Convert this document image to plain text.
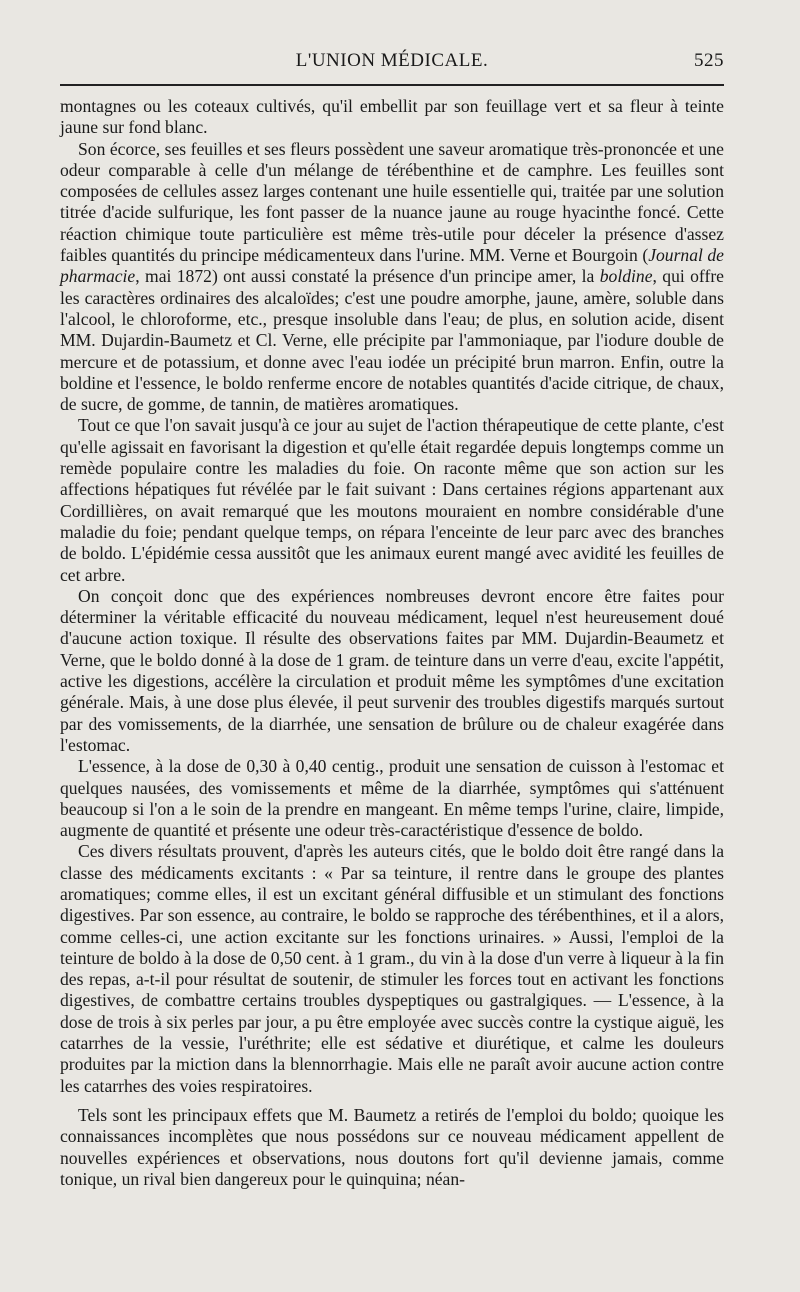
L'UNION MÉDICALE.	525

montagnes ou les coteaux cultivés, qu'il embellit par son feuillage vert et sa fleur à teinte jaune sur fond blanc.

Son écorce, ses feuilles et ses fleurs possèdent une saveur aromatique très-prononcée et une odeur comparable à celle d'un mélange de térébenthine et de camphre. Les feuilles sont composées de cellules assez larges contenant une huile essentielle qui, traitée par une solution titrée d'acide sulfurique, les font passer de la nuance jaune au rouge hyacinthe foncé. Cette réaction chimique toute particulière est même très-utile pour déceler la présence d'assez faibles quantités du principe médicamenteux dans l'urine. MM. Verne et Bourgoin (Journal de pharmacie, mai 1872) ont aussi constaté la présence d'un principe amer, la boldine, qui offre les caractères ordinaires des alcaloïdes; c'est une poudre amorphe, jaune, amère, soluble dans l'alcool, le chloroforme, etc., presque insoluble dans l'eau; de plus, en solution acide, disent MM. Dujardin-Baumetz et Cl. Verne, elle précipite par l'ammoniaque, par l'iodure double de mercure et de potassium, et donne avec l'eau iodée un précipité brun marron. Enfin, outre la boldine et l'essence, le boldo renferme encore de notables quantités d'acide citrique, de chaux, de sucre, de gomme, de tannin, de matières aromatiques.

Tout ce que l'on savait jusqu'à ce jour au sujet de l'action thérapeutique de cette plante, c'est qu'elle agissait en favorisant la digestion et qu'elle était regardée depuis longtemps comme un remède populaire contre les maladies du foie. On raconte même que son action sur les affections hépatiques fut révélée par le fait suivant : Dans certaines régions appartenant aux Cordillières, on avait remarqué que les moutons mouraient en nombre considérable d'une maladie du foie; pendant quelque temps, on répara l'enceinte de leur parc avec des branches de boldo. L'épidémie cessa aussitôt que les animaux eurent mangé avec avidité les feuilles de cet arbre.

On conçoit donc que des expériences nombreuses devront encore être faites pour déterminer la véritable efficacité du nouveau médicament, lequel n'est heureusement doué d'aucune action toxique. Il résulte des observations faites par MM. Dujardin-Beaumetz et Verne, que le boldo donné à la dose de 1 gram. de teinture dans un verre d'eau, excite l'appétit, active les digestions, accélère la circulation et produit même les symptômes d'une excitation générale. Mais, à une dose plus élevée, il peut survenir des troubles digestifs marqués surtout par des vomissements, de la diarrhée, une sensation de brûlure ou de chaleur exagérée dans l'estomac.

L'essence, à la dose de 0,30 à 0,40 centig., produit une sensation de cuisson à l'estomac et quelques nausées, des vomissements et même de la diarrhée, symptômes qui s'atténuent beaucoup si l'on a le soin de la prendre en mangeant. En même temps l'urine, claire, limpide, augmente de quantité et présente une odeur très-caractéristique d'essence de boldo.

Ces divers résultats prouvent, d'après les auteurs cités, que le boldo doit être rangé dans la classe des médicaments excitants : « Par sa teinture, il rentre dans le groupe des plantes aromatiques; comme elles, il est un excitant général diffusible et un stimulant des fonctions digestives. Par son essence, au contraire, le boldo se rapproche des térébenthines, et il a alors, comme celles-ci, une action excitante sur les fonctions urinaires. » Aussi, l'emploi de la teinture de boldo à la dose de 0,50 cent. à 1 gram., du vin à la dose d'un verre à liqueur à la fin des repas, a-t-il pour résultat de soutenir, de stimuler les forces tout en activant les fonctions digestives, de combattre certains troubles dyspeptiques ou gastralgiques. — L'essence, à la dose de trois à six perles par jour, a pu être employée avec succès contre la cystique aiguë, les catarrhes de la vessie, l'uréthrite; elle est sédative et diurétique, et calme les douleurs produites par la miction dans la blennorrhagie. Mais elle ne paraît avoir aucune action contre les catarrhes des voies respiratoires.

Tels sont les principaux effets que M. Baumetz a retirés de l'emploi du boldo; quoique les connaissances incomplètes que nous possédons sur ce nouveau médicament appellent de nouvelles expériences et observations, nous doutons fort qu'il devienne jamais, comme tonique, un rival bien dangereux pour le quinquina; néan-
